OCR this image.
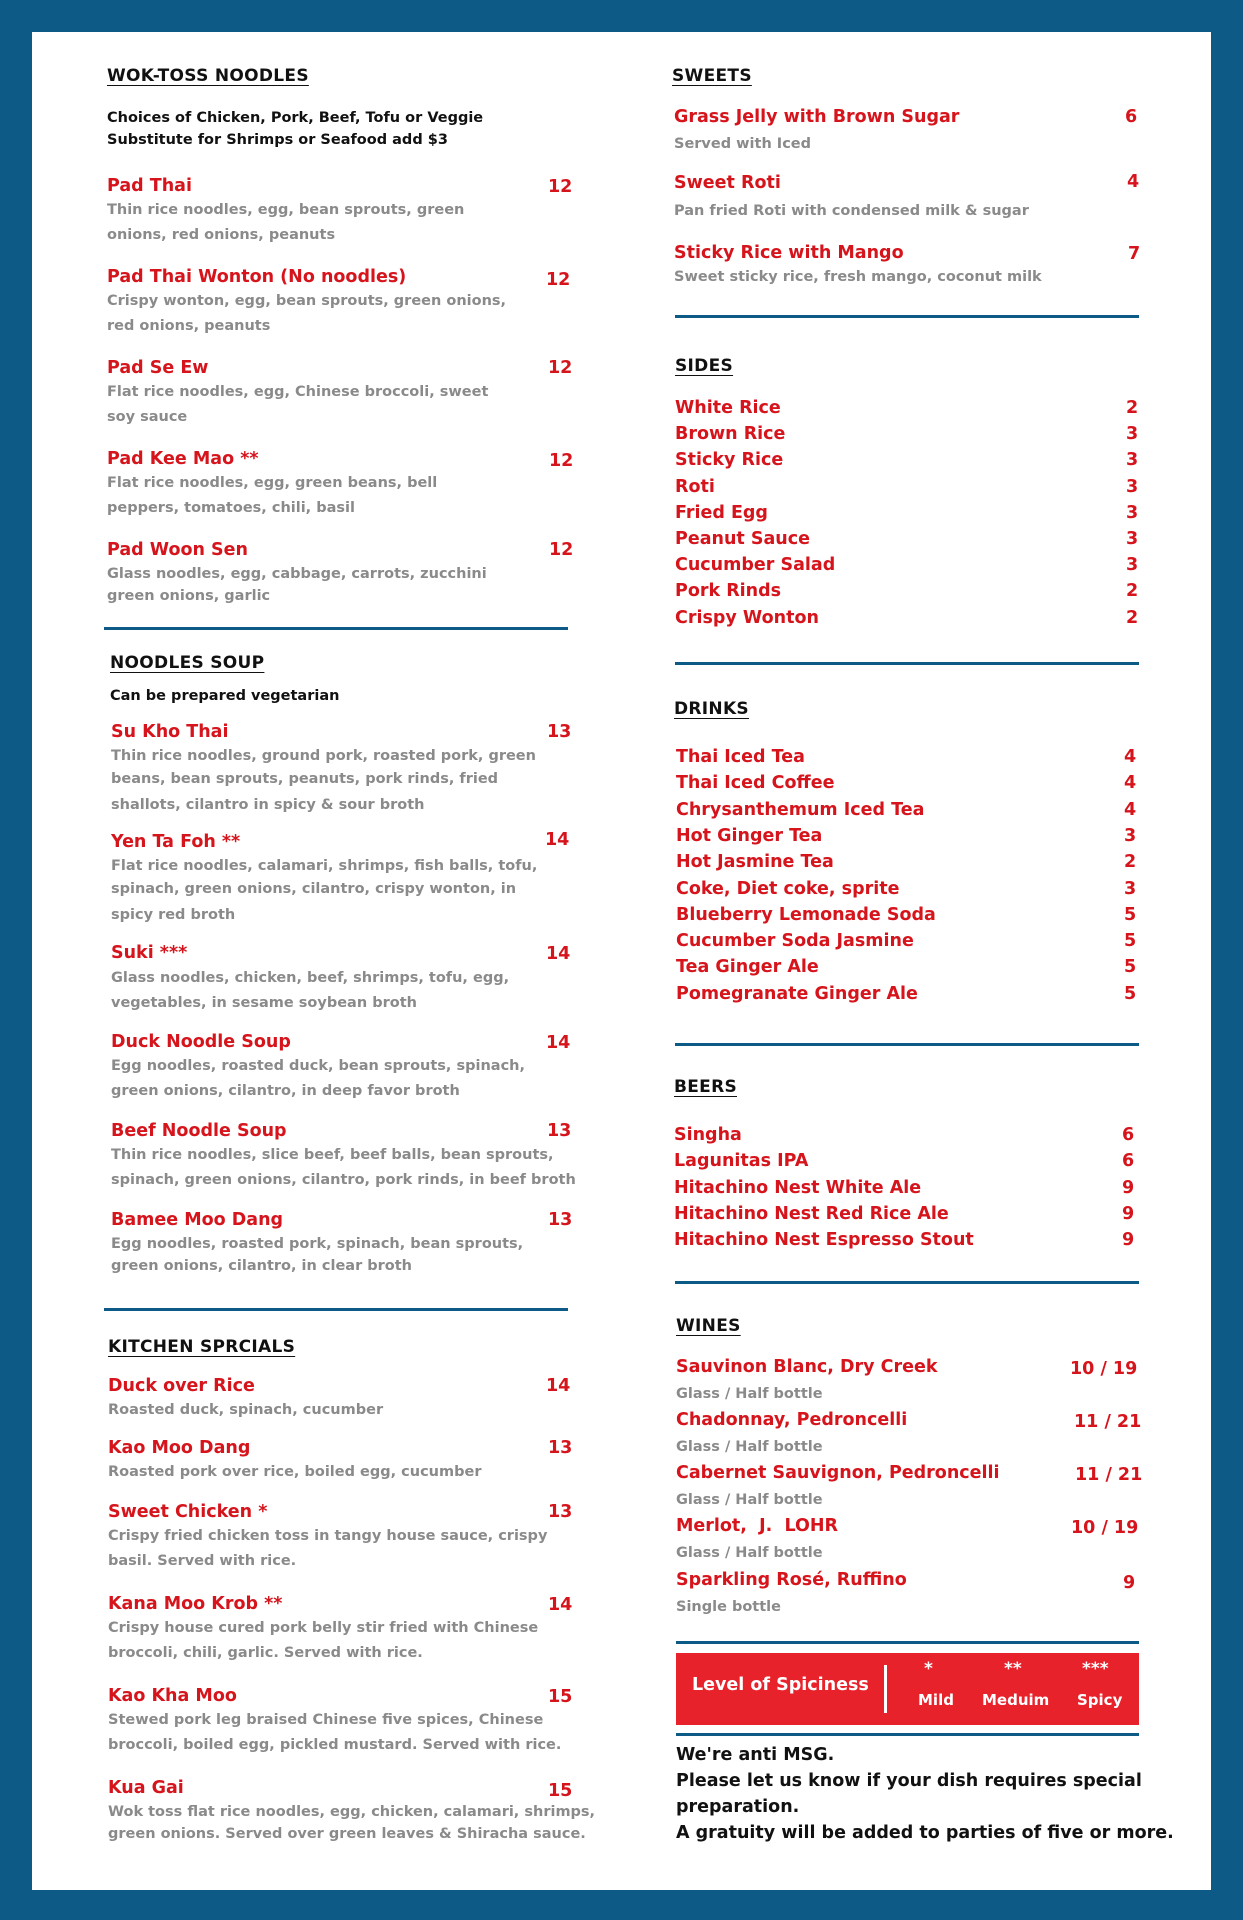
WOK-TOSS NOODLES
Choices of Chicken, Pork, Beef, Tofu or Veggie
Substitute for Shrimps or Seafood add $3
Pad Thai	12
Thin rice noodles, egg, bean sprouts, green
onions, red onions, peanuts
Pad Thai Wonton (No noodles)	12
Crispy wonton, egg, bean sprouts, green onions,
red onions, peanuts
Pad Se Ew	12
Flat rice noodles, egg, Chinese broccoli, sweet
soy sauce
Pad Kee Mao **	12
Flat rice noodles, egg, green beans, bell
peppers, tomatoes, chili, basil
Pad Woon Sen	12
Glass noodles, egg, cabbage, carrots, zucchini
green onions, garlic
NOODLES SOUP
Can be prepared vegetarian
Su Kho Thai	13
Thin rice noodles, ground pork, roasted pork, green
beans, bean sprouts, peanuts, pork rinds, fried
shallots, cilantro in spicy & sour broth
Yen Ta Foh **	14
Flat rice noodles, calamari, shrimps, fish balls, tofu,
spinach, green onions, cilantro, crispy wonton, in
spicy red broth
Suki ***	14
Glass noodles, chicken, beef, shrimps, tofu, egg,
vegetables, in sesame soybean broth
Duck Noodle Soup	14
Egg noodles, roasted duck, bean sprouts, spinach,
green onions, cilantro, in deep favor broth
Beef Noodle Soup	13
Thin rice noodles, slice beef, beef balls, bean sprouts,
spinach, green onions, cilantro, pork rinds, in beef broth
Bamee Moo Dang	13
Egg noodles, roasted pork, spinach, bean sprouts,
green onions, cilantro, in clear broth
KITCHEN SPRCIALS
Duck over Rice	14
Roasted duck, spinach, cucumber
Kao Moo Dang	13
Roasted pork over rice, boiled egg, cucumber
Sweet Chicken *	13
Crispy fried chicken toss in tangy house sauce, crispy
basil. Served with rice.
Kana Moo Krob **	14
Crispy house cured pork belly stir fried with Chinese
broccoli, chili, garlic. Served with rice.
Kao Kha Moo	15
Stewed pork leg braised Chinese five spices, Chinese
broccoli, boiled egg, pickled mustard. Served with rice.
Kua Gai	15
Wok toss flat rice noodles, egg, chicken, calamari, shrimps,
green onions. Served over green leaves & Shiracha sauce.
SWEETS
Grass Jelly with Brown Sugar	6
Served with Iced
Sweet Roti	4
Pan fried Roti with condensed milk & sugar
Sticky Rice with Mango	7
Sweet sticky rice, fresh mango, coconut milk
SIDES
White Rice	2
Brown Rice	3
Sticky Rice	3
Roti	3
Fried Egg	3
Peanut Sauce	3
Cucumber Salad	3
Pork Rinds	2
Crispy Wonton	2
DRINKS
Thai Iced Tea	4
Thai Iced Coffee	4
Chrysanthemum Iced Tea	4
Hot Ginger Tea	3
Hot Jasmine Tea	2
Coke, Diet coke, sprite	3
Blueberry Lemonade Soda	5
Cucumber Soda Jasmine	5
Tea Ginger Ale	5
Pomegranate Ginger Ale	5
BEERS
Singha	6
Lagunitas IPA	6
Hitachino Nest White Ale	9
Hitachino Nest Red Rice Ale	9
Hitachino Nest Espresso Stout	9
WINES
Sauvinon Blanc, Dry Creek	10 / 19
Glass / Half bottle
Chadonnay, Pedroncelli	11 / 21
Glass / Half bottle
Cabernet Sauvignon, Pedroncelli	11 / 21
Glass / Half bottle
Merlot,  J.  LOHR	10 / 19
Glass / Half bottle
Sparkling Rosé, Ruffino	9
Single bottle
Level of Spiciness
*
Mild
**
Meduim
***
Spicy
We're anti MSG.
Please let us know if your dish requires special
preparation.
A gratuity will be added to parties of five or more.
